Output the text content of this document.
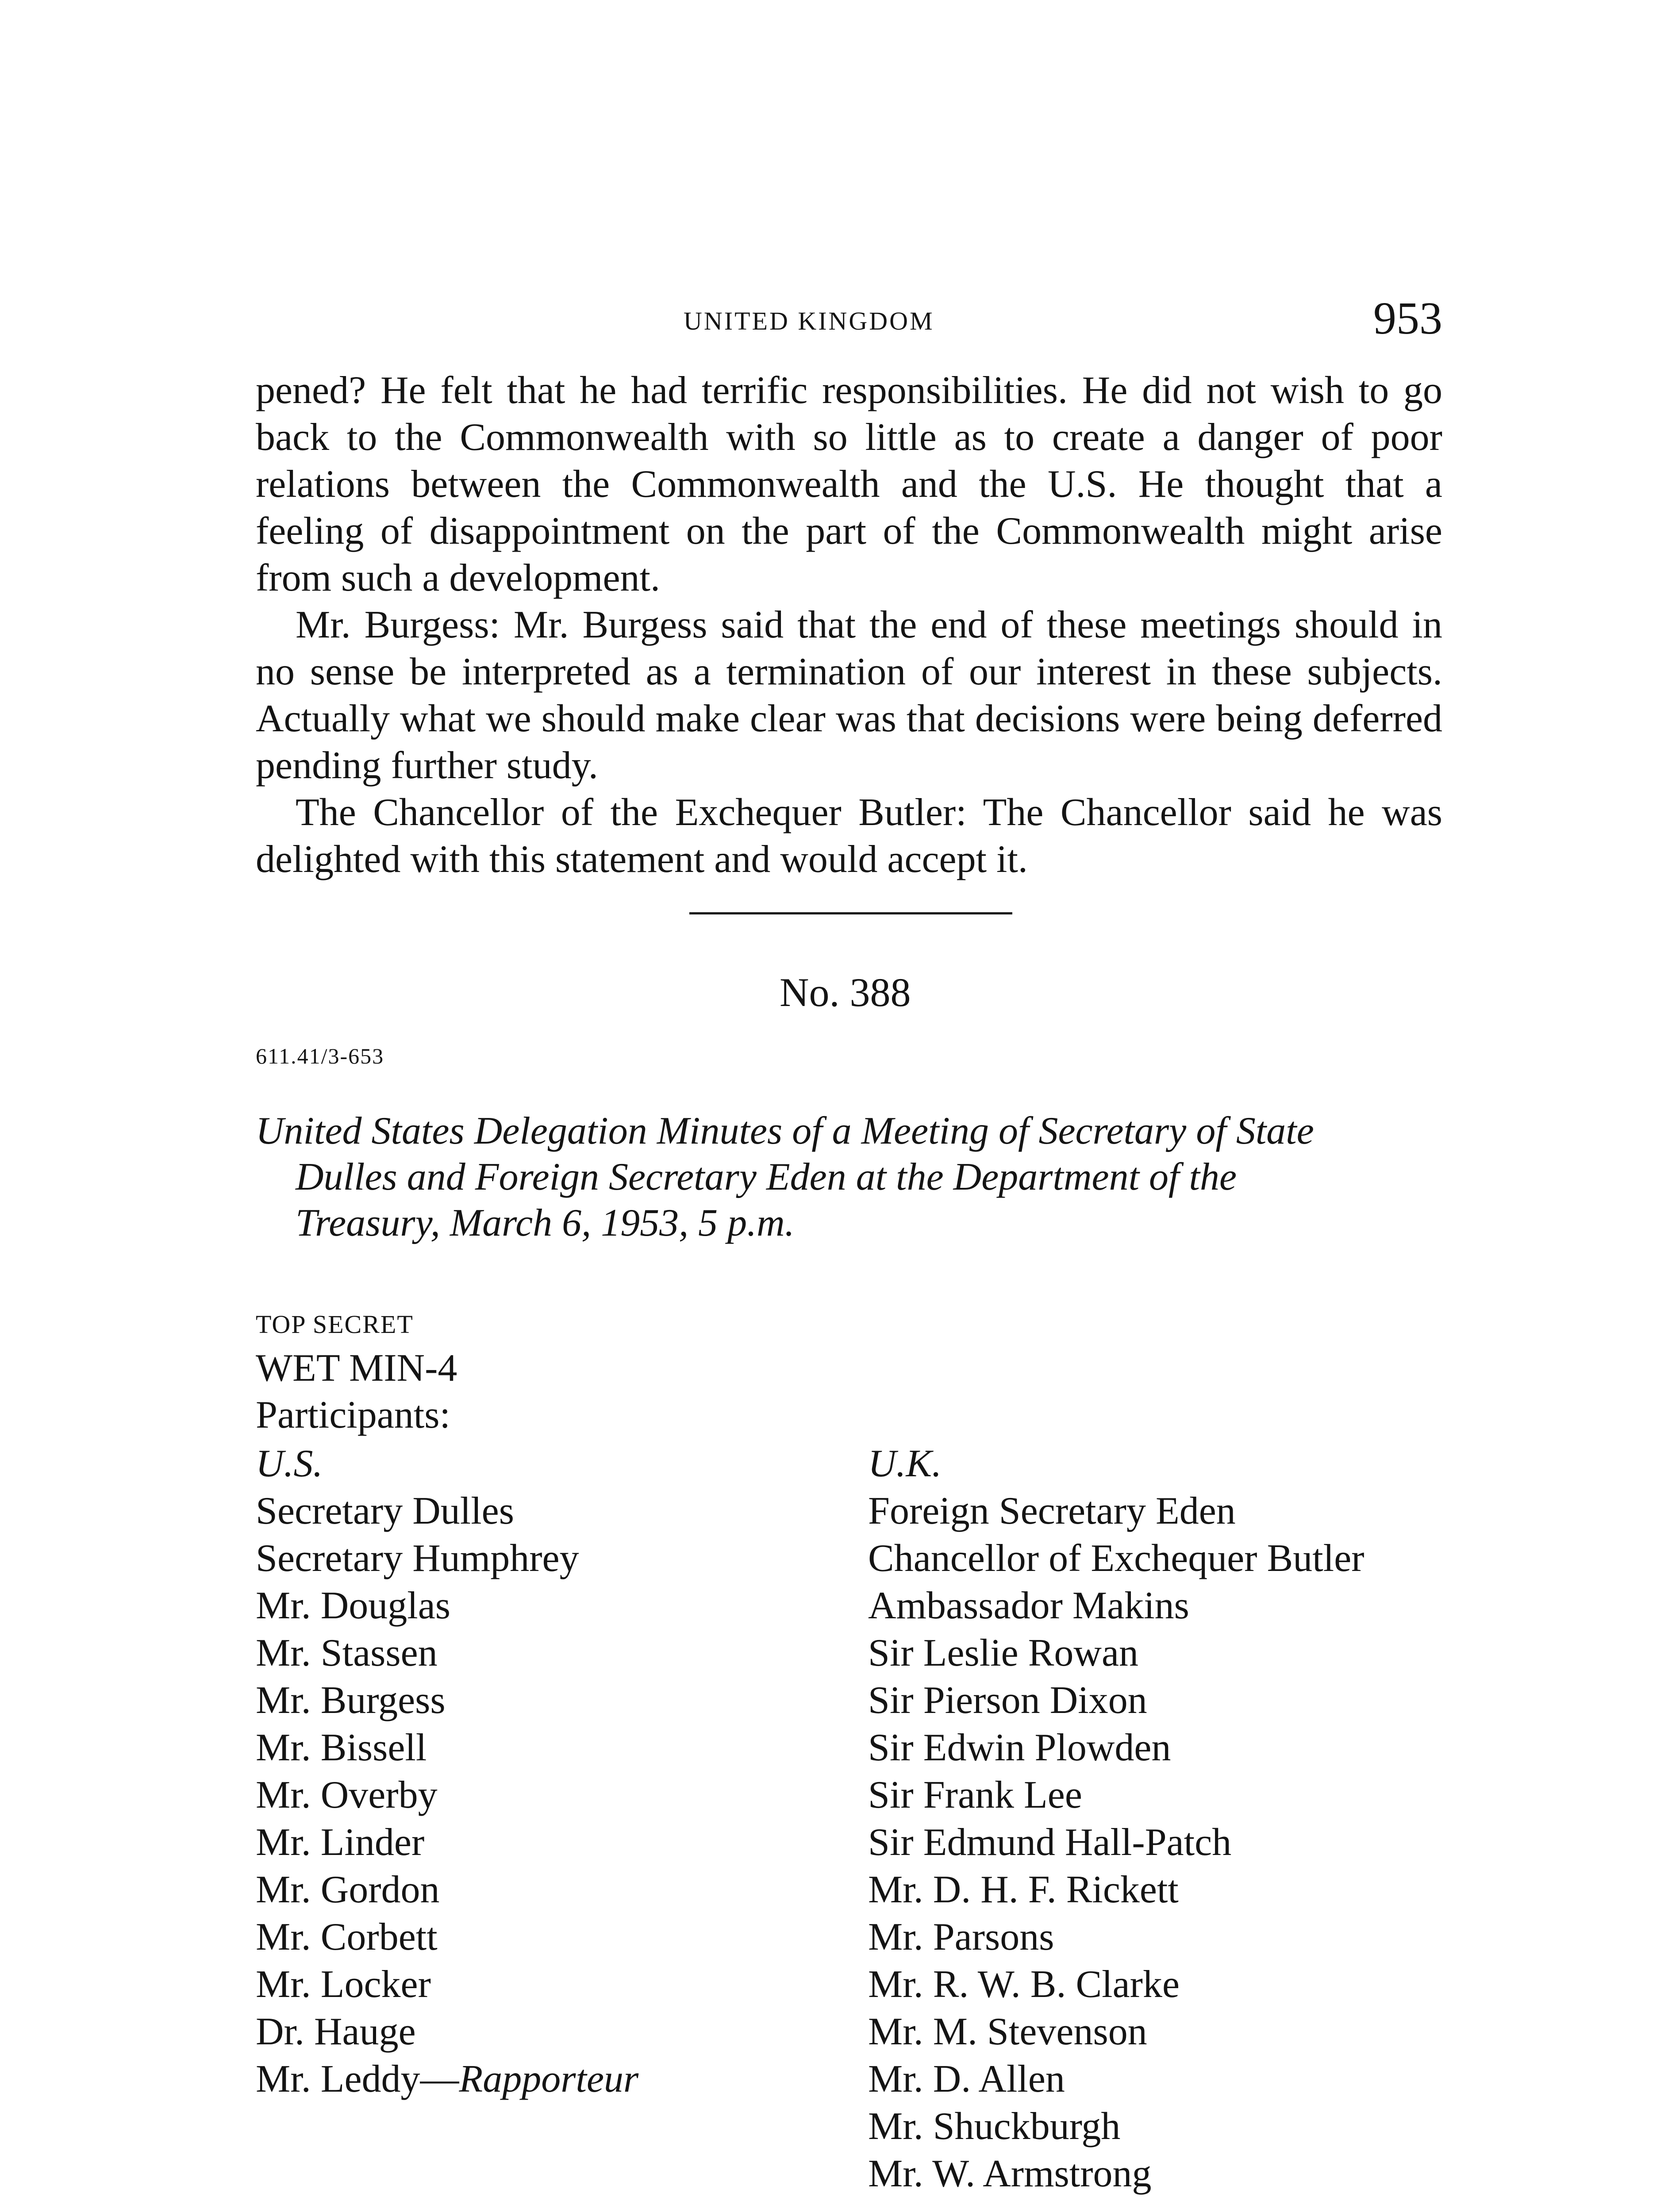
UNITED KINGDOM	953

pened? He felt that he had terrific responsibilities. He did not wish to go back to the Commonwealth with so little as to create a danger of poor relations between the Commonwealth and the U.S. He thought that a feeling of disappointment on the part of the Commonwealth might arise from such a development.

Mr. Burgess: Mr. Burgess said that the end of these meetings should in no sense be interpreted as a termination of our interest in these subjects. Actually what we should make clear was that decisions were being deferred pending further study.

The Chancellor of the Exchequer Butler: The Chancellor said he was delighted with this statement and would accept it.

No. 388
611.41/3-653
United States Delegation Minutes of a Meeting of Secretary of State
Dulles and Foreign Secretary Eden at the Department of the
Treasury, March 6, 1953, 5 p.m.
TOP SECRET
WET MIN-4
Participants:
U.S.
Secretary Dulles
Secretary Humphrey
Mr. Douglas
Mr. Stassen
Mr. Burgess
Mr. Bissell
Mr. Overby
Mr. Linder
Mr. Gordon
Mr. Corbett
Mr. Locker
Dr. Hauge
Mr. Leddy—Rapporteur
U.K.
Foreign Secretary Eden
Chancellor of Exchequer Butler
Ambassador Makins
Sir Leslie Rowan
Sir Pierson Dixon
Sir Edwin Plowden
Sir Frank Lee
Sir Edmund Hall-Patch
Mr. D. H. F. Rickett
Mr. Parsons
Mr. R. W. B. Clarke
Mr. M. Stevenson
Mr. D. Allen
Mr. Shuckburgh
Mr. W. Armstrong
